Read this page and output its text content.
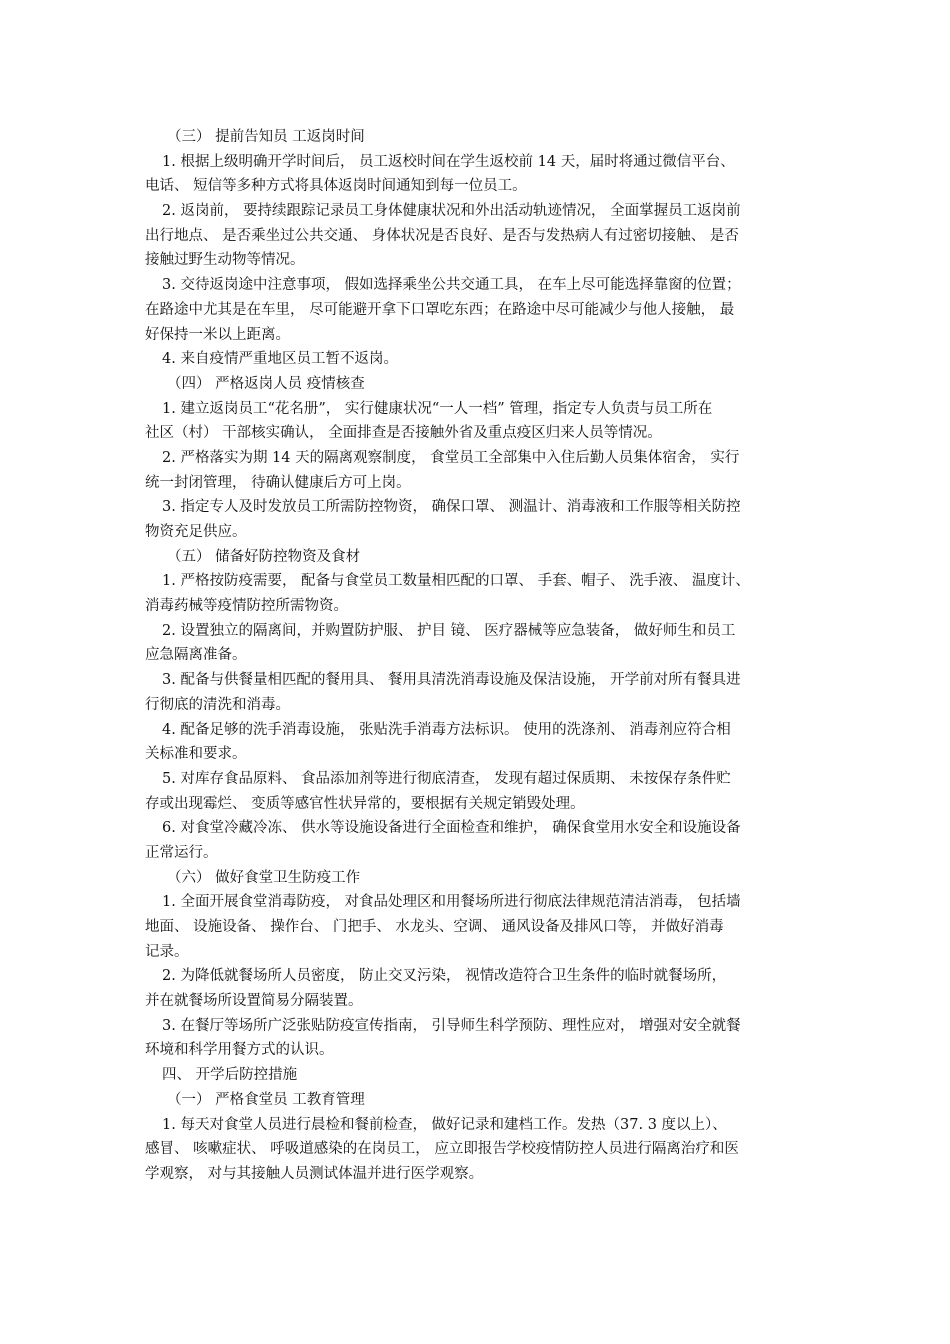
（三） 提前告知员 工返岗时间
1. 根据上级明确开学时间后， 员工返校时间在学生返校前 14 天，届时将通过微信平台、
电话、 短信等多种方式将具体返岗时间通知到每一位员工。
2. 返岗前， 要持续跟踪记录员工身体健康状况和外出活动轨迹情况， 全面掌握员工返岗前
出行地点、 是否乘坐过公共交通、 身体状况是否良好、是否与发热病人有过密切接触、 是否
接触过野生动物等情况。
3. 交待返岗途中注意事项， 假如选择乘坐公共交通工具， 在车上尽可能选择靠窗的位置；
在路途中尤其是在车里， 尽可能避开拿下口罩吃东西；在路途中尽可能减少与他人接触， 最
好保持一米以上距离。
4. 来自疫情严重地区员工暂不返岗。
（四） 严格返岗人员 疫情核查
1. 建立返岗员工“花名册”， 实行健康状况“一人一档” 管理，指定专人负责与员工所在
社区（村） 干部核实确认， 全面排查是否接触外省及重点疫区归来人员等情况。
2. 严格落实为期 14 天的隔离观察制度， 食堂员工全部集中入住后勤人员集体宿舍， 实行
统一封闭管理， 待确认健康后方可上岗。
3. 指定专人及时发放员工所需防控物资， 确保口罩、 测温计、消毒液和工作服等相关防控
物资充足供应。
（五） 储备好防控物资及食材
1. 严格按防疫需要， 配备与食堂员工数量相匹配的口罩、 手套、帽子、 洗手液、 温度计、
消毒药械等疫情防控所需物资。
2. 设置独立的隔离间，并购置防护服、 护目 镜、 医疗器械等应急装备， 做好师生和员工
应急隔离准备。
3. 配备与供餐量相匹配的餐用具、 餐用具清洗消毒设施及保洁设施， 开学前对所有餐具进
行彻底的清洗和消毒。
4. 配备足够的洗手消毒设施， 张贴洗手消毒方法标识。 使用的洗涤剂、 消毒剂应符合相
关标准和要求。
5. 对库存食品原料、 食品添加剂等进行彻底清查， 发现有超过保质期、 未按保存条件贮
存或出现霉烂、 变质等感官性状异常的，要根据有关规定销毁处理。
6. 对食堂冷藏冷冻、 供水等设施设备进行全面检查和维护， 确保食堂用水安全和设施设备
正常运行。
（六） 做好食堂卫生防疫工作
1. 全面开展食堂消毒防疫， 对食品处理区和用餐场所进行彻底法律规范清洁消毒， 包括墙
地面、 设施设备、 操作台、 门把手、 水龙头、空调、 通风设备及排风口等， 并做好消毒
记录。
2. 为降低就餐场所人员密度， 防止交叉污染， 视情改造符合卫生条件的临时就餐场所，
并在就餐场所设置简易分隔装置。
3. 在餐厅等场所广泛张贴防疫宣传指南， 引导师生科学预防、理性应对， 增强对安全就餐
环境和科学用餐方式的认识。
四、 开学后防控措施
（一） 严格食堂员 工教育管理
1. 每天对食堂人员进行晨检和餐前检查， 做好记录和建档工作。发热（37. 3 度以上）、
感冒、 咳嗽症状、 呼吸道感染的在岗员工， 应立即报告学校疫情防控人员进行隔离治疗和医
学观察， 对与其接触人员测试体温并进行医学观察。
